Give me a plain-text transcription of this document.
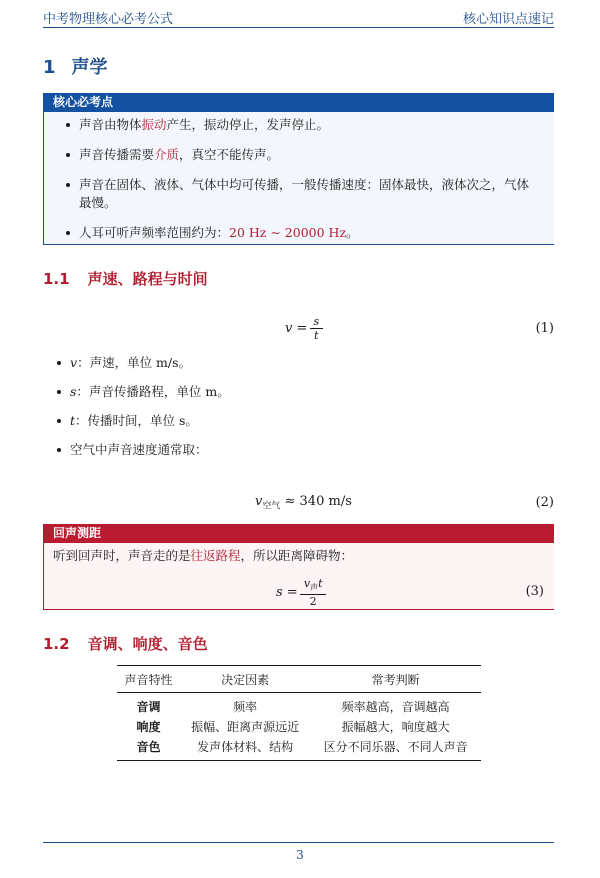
中考物理核心必考公式	核心知识点速记
1 声学
核心必考点
声音由物体振动产生，振动停止，发声停止。
声音传播需要介质，真空不能传声。
声音在固体、液体、气体中均可传播，一般传播速度：固体最快，液体次之，气体
最慢。
人耳可听声频率范围约为：20 Hz ∼ 20000 Hz。
1.1 声速、路程与时间
$v = \frac{s}{t}$	(1)
v：声速，单位 m/s。
s：声音传播路程，单位 m。
t：传播时间，单位 s。
空气中声音速度通常取：
$v_{空气} \approx 340$ m/s	(2)
回声测距
听到回声时，声音走的是往返路程，所以距离障碍物：
$s = \frac{v_声t}{2}$	(3)
1.2 音调、响度、音色
声音特性	决定因素	常考判断
音调	频率	频率越高，音调越高
响度	振幅、距离声源远近	振幅越大，响度越大
音色	发声体材料、结构	区分不同乐器、不同人声音
3
